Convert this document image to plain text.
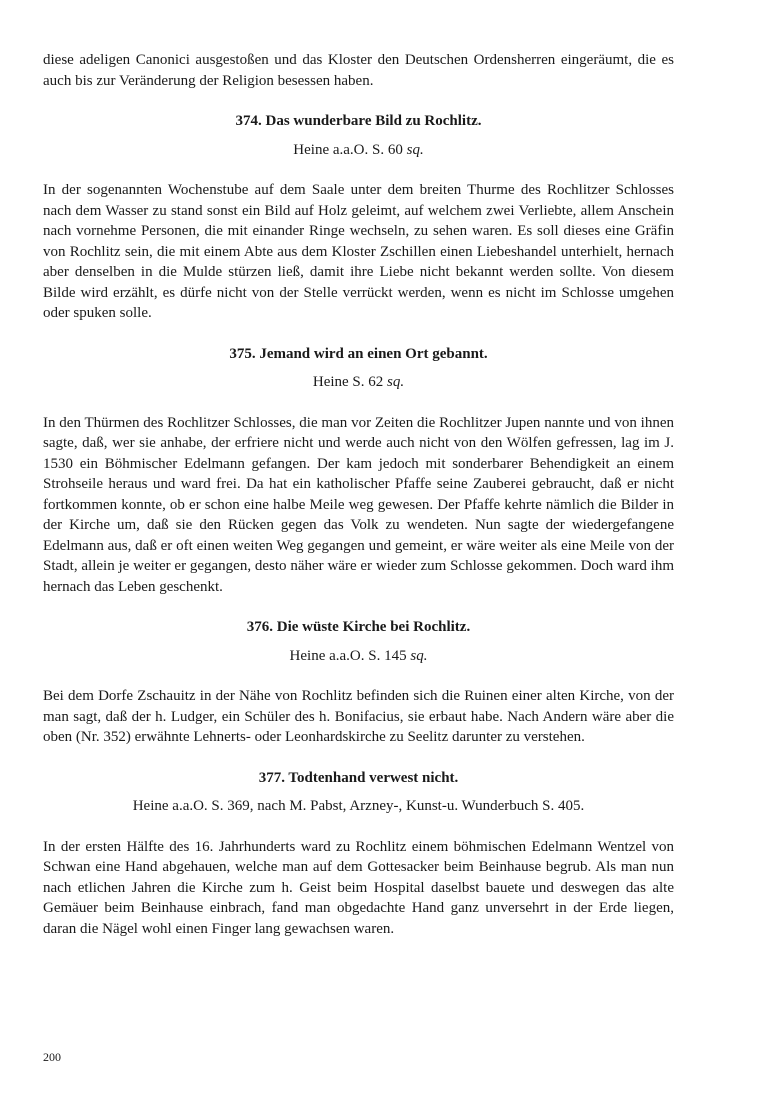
diese adeligen Canonici ausgestoßen und das Kloster den Deutschen Ordensherren eingeräumt, die es auch bis zur Veränderung der Religion besessen haben.

374. Das wunderbare Bild zu Rochlitz.

Heine a.a.O. S. 60 sq.

In der sogenannten Wochenstube auf dem Saale unter dem breiten Thurme des Rochlitzer Schlosses nach dem Wasser zu stand sonst ein Bild auf Holz geleimt, auf welchem zwei Verliebte, allem Anschein nach vornehme Personen, die mit einander Ringe wechseln, zu sehen waren. Es soll dieses eine Gräfin von Rochlitz sein, die mit einem Abte aus dem Kloster Zschillen einen Liebeshandel unterhielt, hernach aber denselben in die Mulde stürzen ließ, damit ihre Liebe nicht bekannt werden sollte. Von diesem Bilde wird erzählt, es dürfe nicht von der Stelle verrückt werden, wenn es nicht im Schlosse umgehen oder spuken solle.

375. Jemand wird an einen Ort gebannt.

Heine S. 62 sq.

In den Thürmen des Rochlitzer Schlosses, die man vor Zeiten die Rochlitzer Jupen nannte und von ihnen sagte, daß, wer sie anhabe, der erfriere nicht und werde auch nicht von den Wölfen gefressen, lag im J. 1530 ein Böhmischer Edelmann gefangen. Der kam jedoch mit sonderbarer Behendigkeit an einem Strohseile heraus und ward frei. Da hat ein katholischer Pfaffe seine Zauberei gebraucht, daß er nicht fortkommen konnte, ob er schon eine halbe Meile weg gewesen. Der Pfaffe kehrte nämlich die Bilder in der Kirche um, daß sie den Rücken gegen das Volk zu wendeten. Nun sagte der wiedergefangene Edelmann aus, daß er oft einen weiten Weg gegangen und gemeint, er wäre weiter als eine Meile von der Stadt, allein je weiter er gegangen, desto näher wäre er wieder zum Schlosse gekommen. Doch ward ihm hernach das Leben geschenkt.

376. Die wüste Kirche bei Rochlitz.

Heine a.a.O. S. 145 sq.

Bei dem Dorfe Zschauitz in der Nähe von Rochlitz befinden sich die Ruinen einer alten Kirche, von der man sagt, daß der h. Ludger, ein Schüler des h. Bonifacius, sie erbaut habe. Nach Andern wäre aber die oben (Nr. 352) erwähnte Lehnerts- oder Leonhardskirche zu Seelitz darunter zu verstehen.

377. Todtenhand verwest nicht.

Heine a.a.O. S. 369, nach M. Pabst, Arzney-, Kunst-u. Wunderbuch S. 405.

In der ersten Hälfte des 16. Jahrhunderts ward zu Rochlitz einem böhmischen Edelmann Wentzel von Schwan eine Hand abgehauen, welche man auf dem Gottesacker beim Beinhause begrub. Als man nun nach etlichen Jahren die Kirche zum h. Geist beim Hospital daselbst bauete und deswegen das alte Gemäuer beim Beinhause einbrach, fand man obgedachte Hand ganz unversehrt in der Erde liegen, daran die Nägel wohl einen Finger lang gewachsen waren.

200
